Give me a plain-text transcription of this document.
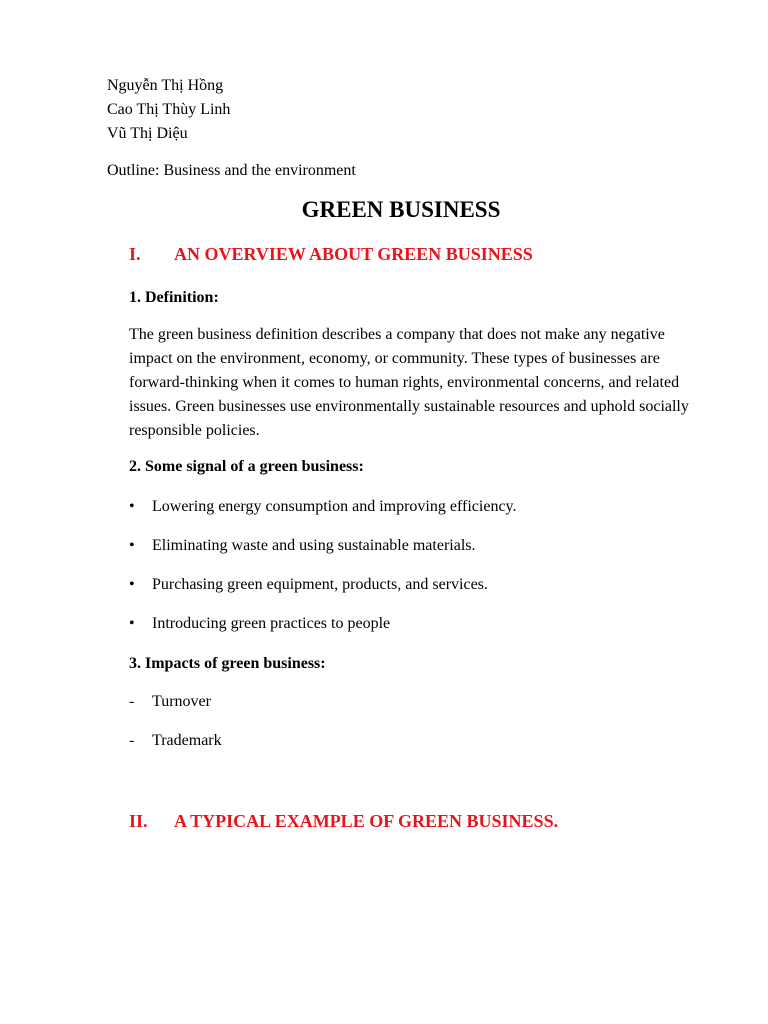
Nguyễn Thị Hồng
Cao Thị Thùy Linh
Vũ Thị Diệu
Outline: Business and the environment
GREEN BUSINESS
I. AN OVERVIEW ABOUT GREEN BUSINESS
1. Definition:
The green business definition describes a company that does not make any negative impact on the environment, economy, or community. These types of businesses are forward-thinking when it comes to human rights, environmental concerns, and related issues. Green businesses use environmentally sustainable resources and uphold socially responsible policies.
2. Some signal of a green business:
• Lowering energy consumption and improving efficiency.
• Eliminating waste and using sustainable materials.
• Purchasing green equipment, products, and services.
• Introducing green practices to people
3. Impacts of green business:
- Turnover
- Trademark
II. A TYPICAL EXAMPLE OF GREEN BUSINESS.
